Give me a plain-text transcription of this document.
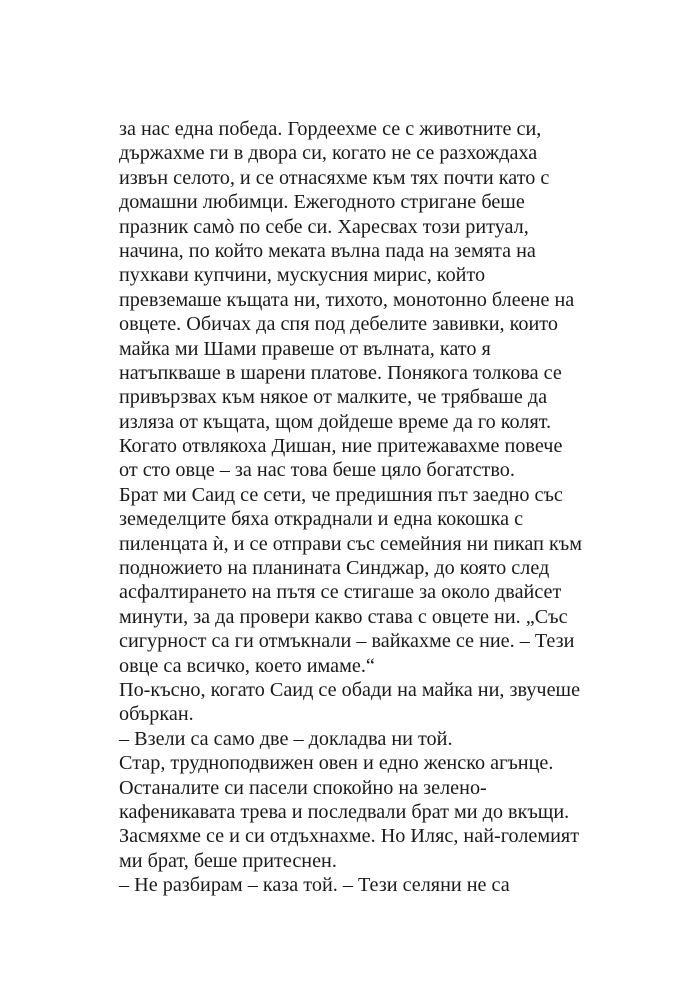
за нас една победа. Гордеехме се с животните си,
държахме ги в двора си, когато не се разхождаха
извън селото, и се отнасяхме към тях почти като с
домашни любимци. Ежегодното стригане беше
празник самò по себе си. Харесвах този ритуал,
начина, по който меката вълна пада на земята на
пухкави купчини, мускусния мирис, който
превземаше къщата ни, тихото, монотонно блеене на
овцете. Обичах да спя под дебелите завивки, които
майка ми Шами правеше от вълната, като я
натъпкваше в шарени платове. Понякога толкова се
привързвах към някое от малките, че трябваше да
изляза от къщата, щом дойдеше време да го колят.
Когато отвлякоха Дишан, ние притежавахме повече
от сто овце – за нас това беше цяло богатство.
Брат ми Саид се сети, че предишния път заедно със
земеделците бяха откраднали и една кокошка с
пиленцата ѝ, и се отправи със семейния ни пикап към
подножието на планината Синджар, до която след
асфалтирането на пътя се стигаше за около двайсет
минути, за да провери какво става с овцете ни. „Със
сигурност са ги отмъкнали – вайкахме се ние. – Тези
овце са всичко, което имаме.“
По-късно, когато Саид се обади на майка ни, звучеше
объркан.
– Взели са само две – докладва ни той.
Стар, трудноподвижен овен и едно женско агънце.
Останалите си пасели спокойно на зелено-
кафеникавата трева и последвали брат ми до вкъщи.
Засмяхме се и си отдъхнахме. Но Иляс, най-големият
ми брат, беше притеснен.
– Не разбирам – каза той. – Тези селяни не са
